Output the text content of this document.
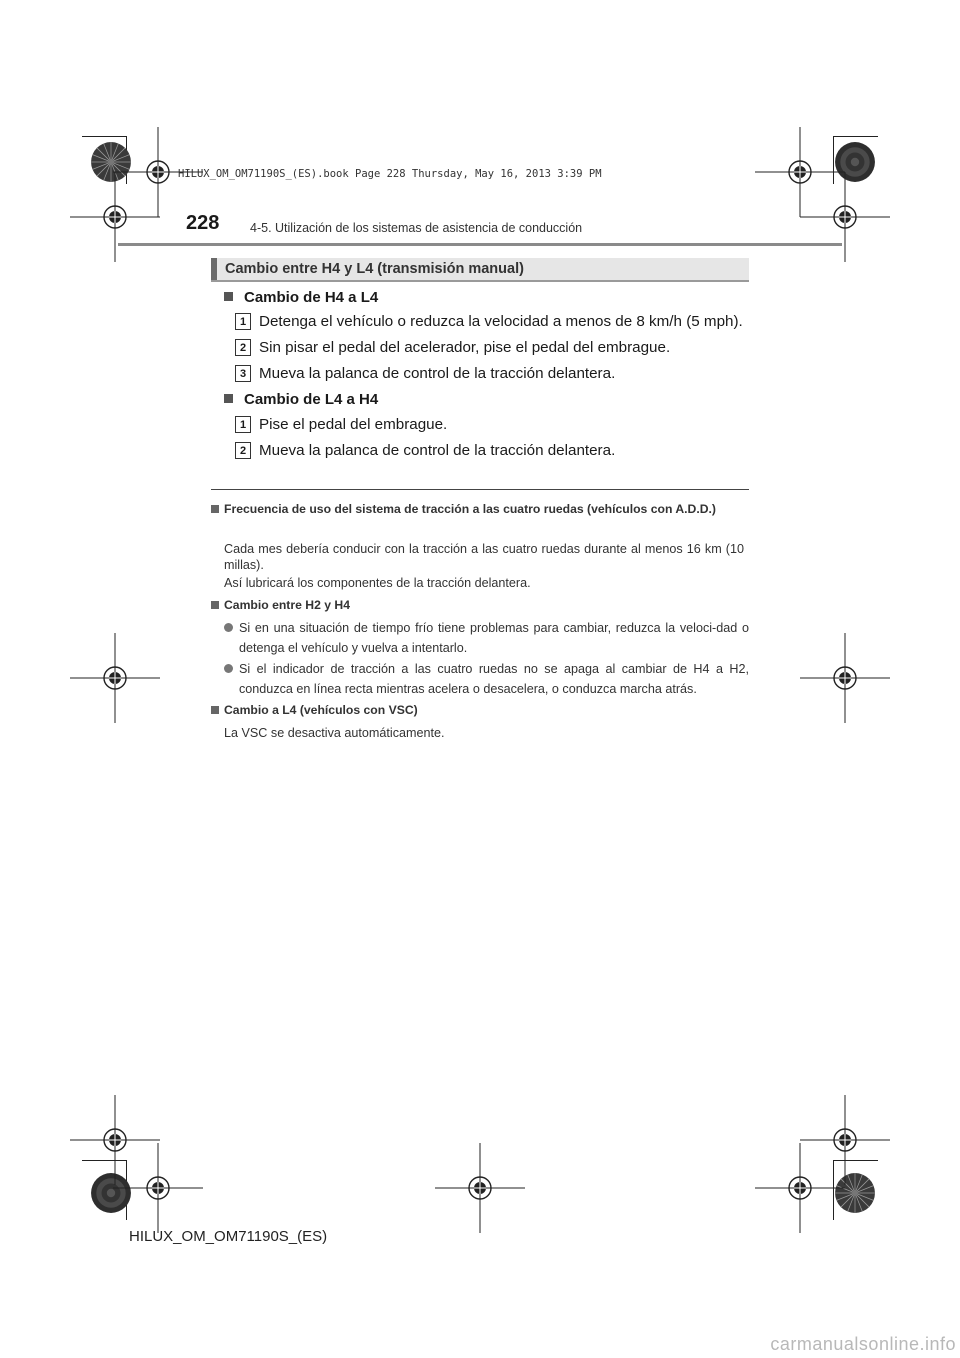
HILUX_OM_OM71190S_(ES).book Page 228 Thursday, May 16, 2013 3:39 PM
228 4-5. Utilización de los sistemas de asistencia de conducción
Cambio entre H4 y L4 (transmisión manual)
Cambio de H4 a L4
1 Detenga el vehículo o reduzca la velocidad a menos de 8 km/h (5 mph).
2 Sin pisar el pedal del acelerador, pise el pedal del embrague.
3 Mueva la palanca de control de la tracción delantera.
Cambio de L4 a H4
1 Pise el pedal del embrague.
2 Mueva la palanca de control de la tracción delantera.
Frecuencia de uso del sistema de tracción a las cuatro ruedas (vehículos con A.D.D.)
Cada mes debería conducir con la tracción a las cuatro ruedas durante al menos 16 km (10 millas).
Así lubricará los componentes de la tracción delantera.
Cambio entre H2 y H4
Si en una situación de tiempo frío tiene problemas para cambiar, reduzca la veloci-dad o detenga el vehículo y vuelva a intentarlo.
Si el indicador de tracción a las cuatro ruedas no se apaga al cambiar de H4 a H2, conduzca en línea recta mientras acelera o desacelera, o conduzca marcha atrás.
Cambio a L4 (vehículos con VSC)
La VSC se desactiva automáticamente.
HILUX_OM_OM71190S_(ES)
carmanualsonline.info
